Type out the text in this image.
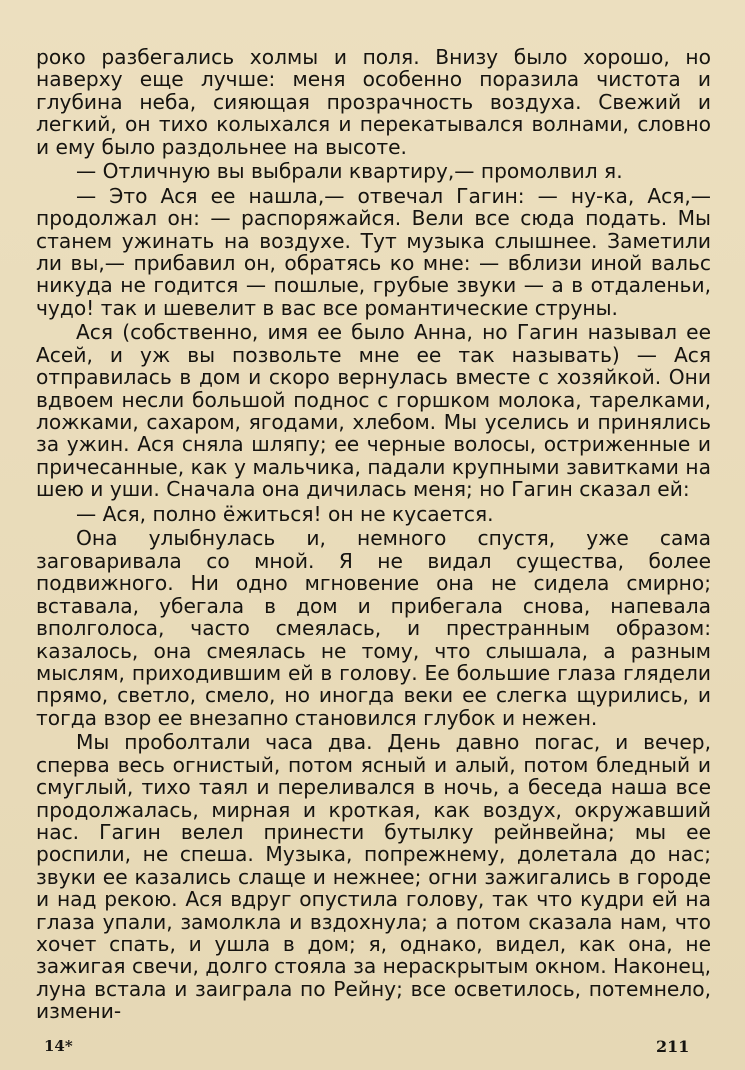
роко разбегались холмы и поля. Внизу было хорошо, но наверху еще лучше: меня особенно поразила чистота и глубина неба, сияющая прозрачность воздуха. Свежий и легкий, он тихо колыхался и перекатывался волнами, словно и ему было раздольнее на высоте.

— Отличную вы выбрали квартиру,— промолвил я.

— Это Ася ее нашла,— отвечал Гагин: — ну-ка, Ася,— продолжал он: — распоряжайся. Вели все сюда подать. Мы станем ужинать на воздухе. Тут музыка слышнее. Заметили ли вы,— прибавил он, обратясь ко мне: — вблизи иной вальс никуда не годится — пошлые, грубые звуки — а в отдаленьи, чудо! так и шевелит в вас все романтические струны.

Ася (собственно, имя ее было Анна, но Гагин называл ее Асей, и уж вы позвольте мне ее так называть) — Ася отправилась в дом и скоро вернулась вместе с хозяйкой. Они вдвоем несли большой поднос с горшком молока, тарелками, ложками, сахаром, ягодами, хлебом. Мы уселись и принялись за ужин. Ася сняла шляпу; ее черные волосы, остриженные и причесанные, как у мальчика, падали крупными завитками на шею и уши. Сначала она дичилась меня; но Гагин сказал ей:

— Ася, полно ёжиться! он не кусается.

Она улыбнулась и, немного спустя, уже сама заговаривала со мной. Я не видал существа, более подвижного. Ни одно мгновение она не сидела смирно; вставала, убегала в дом и прибегала снова, напевала вполголоса, часто смеялась, и престранным образом: казалось, она смеялась не тому, что слышала, а разным мыслям, приходившим ей в голову. Ее большие глаза глядели прямо, светло, смело, но иногда веки ее слегка щурились, и тогда взор ее внезапно становился глубок и нежен.

Мы проболтали часа два. День давно погас, и вечер, сперва весь огнистый, потом ясный и алый, потом бледный и смуглый, тихо таял и переливался в ночь, а беседа наша все продолжалась, мирная и кроткая, как воздух, окружавший нас. Гагин велел принести бутылку рейнвейна; мы ее роспили, не спеша. Музыка, попрежнему, долетала до нас; звуки ее казались слаще и нежнее; огни зажигались в городе и над рекою. Ася вдруг опустила голову, так что кудри ей на глаза упали, замолкла и вздохнула; а потом сказала нам, что хочет спать, и ушла в дом; я, однако, видел, как она, не зажигая свечи, долго стояла за нераскрытым окном. Наконец, луна встала и заиграла по Рейну; все осветилось, потемнело, измени-

14*	211
